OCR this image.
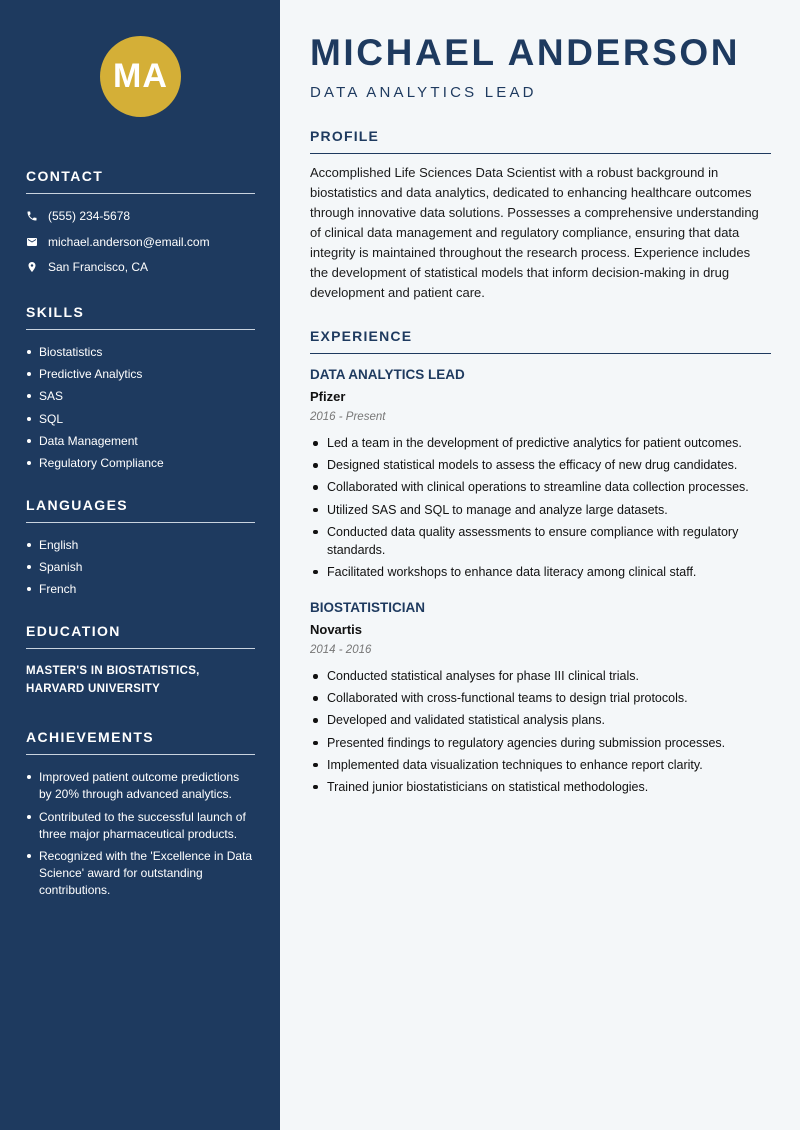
MA
CONTACT
(555) 234-5678
michael.anderson@email.com
San Francisco, CA
SKILLS
Biostatistics
Predictive Analytics
SAS
SQL
Data Management
Regulatory Compliance
LANGUAGES
English
Spanish
French
EDUCATION
MASTER'S IN BIOSTATISTICS, HARVARD UNIVERSITY
ACHIEVEMENTS
Improved patient outcome predictions by 20% through advanced analytics.
Contributed to the successful launch of three major pharmaceutical products.
Recognized with the 'Excellence in Data Science' award for outstanding contributions.
MICHAEL ANDERSON
DATA ANALYTICS LEAD
PROFILE

Accomplished Life Sciences Data Scientist with a robust background in biostatistics and data analytics, dedicated to enhancing healthcare outcomes through innovative data solutions. Possesses a comprehensive understanding of clinical data management and regulatory compliance, ensuring that data integrity is maintained throughout the research process. Experience includes the development of statistical models that inform decision-making in drug development and patient care.

EXPERIENCE
DATA ANALYTICS LEAD
Pfizer
2016 - Present
Led a team in the development of predictive analytics for patient outcomes.
Designed statistical models to assess the efficacy of new drug candidates.
Collaborated with clinical operations to streamline data collection processes.
Utilized SAS and SQL to manage and analyze large datasets.
Conducted data quality assessments to ensure compliance with regulatory standards.
Facilitated workshops to enhance data literacy among clinical staff.
BIOSTATISTICIAN
Novartis
2014 - 2016
Conducted statistical analyses for phase III clinical trials.
Collaborated with cross-functional teams to design trial protocols.
Developed and validated statistical analysis plans.
Presented findings to regulatory agencies during submission processes.
Implemented data visualization techniques to enhance report clarity.
Trained junior biostatisticians on statistical methodologies.
